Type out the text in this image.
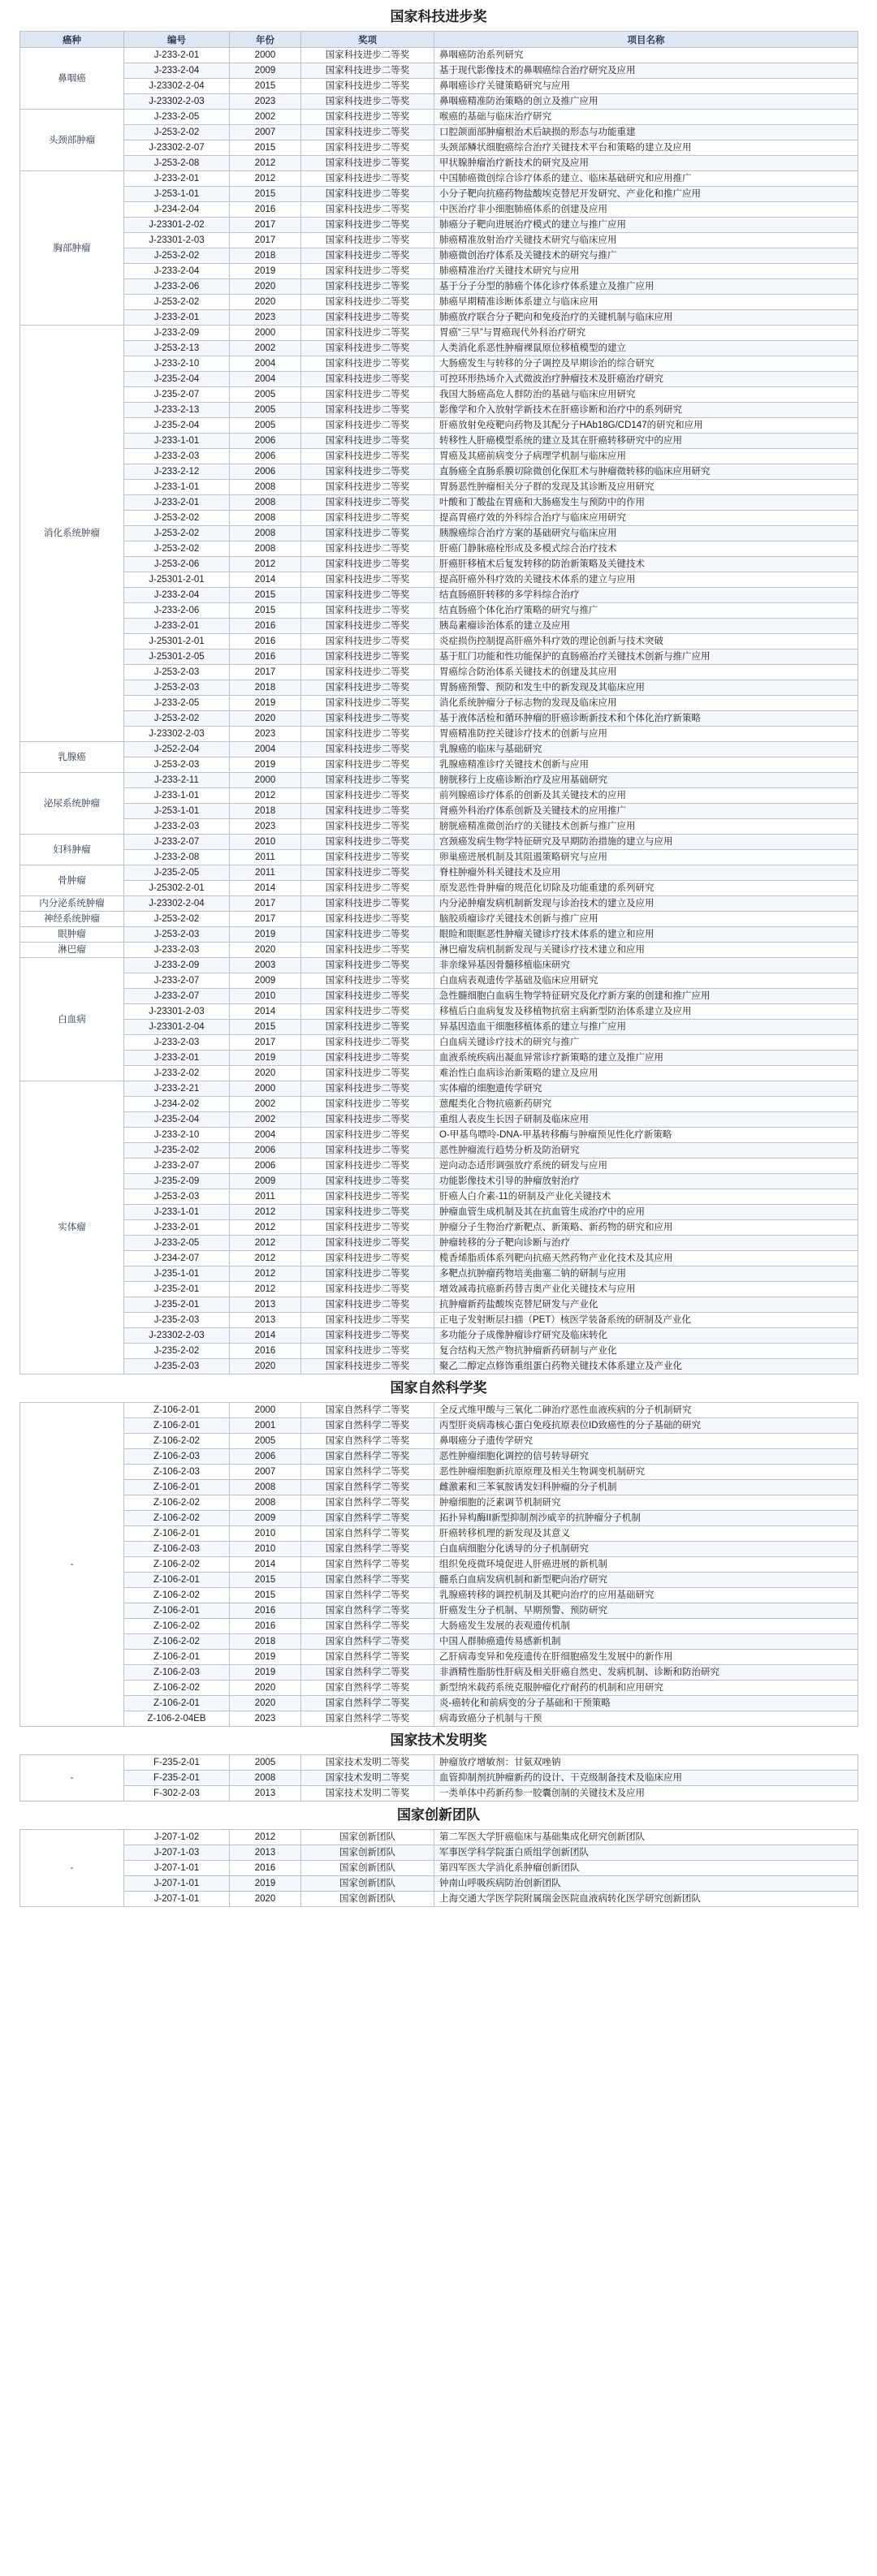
国家科技进步奖
癌种	编号	年份	奖项	项目名称
鼻咽癌	J-233-2-01	2000	国家科技进步二等奖	鼻咽癌防治系列研究
	J-233-2-04	2009	国家科技进步二等奖	基于现代影像技术的鼻咽癌综合治疗研究及应用
	J-23302-2-04	2015	国家科技进步二等奖	鼻咽癌诊疗关键策略研究与应用
	J-23302-2-03	2023	国家科技进步二等奖	鼻咽癌精准防治策略的创立及推广应用
头颈部肿瘤	J-233-2-05	2002	国家科技进步二等奖	喉癌的基础与临床治疗研究
	J-253-2-02	2007	国家科技进步二等奖	口腔颌面部肿瘤根治术后缺损的形态与功能重建
	J-23302-2-07	2015	国家科技进步二等奖	头颈部鳞状细胞癌综合治疗关键技术平台和策略的建立及应用
	J-253-2-08	2012	国家科技进步二等奖	甲状腺肿瘤治疗新技术的研究及应用
胸部肿瘤	J-233-2-01	2012	国家科技进步二等奖	中国肺癌微创综合诊疗体系的建立、临床基础研究和应用推广
	J-253-1-01	2015	国家科技进步二等奖	小分子靶向抗癌药物盐酸埃克替尼开发研究、产业化和推广应用
	J-234-2-04	2016	国家科技进步二等奖	中医治疗非小细胞肺癌体系的创建及应用
	J-23301-2-02	2017	国家科技进步二等奖	肺癌分子靶向进展治疗模式的建立与推广应用
	J-23301-2-03	2017	国家科技进步二等奖	肺癌精准放射治疗关键技术研究与临床应用
	J-253-2-02	2018	国家科技进步二等奖	肺癌微创治疗体系及关键技术的研究与推广
	J-233-2-04	2019	国家科技进步二等奖	肺癌精准治疗关键技术研究与应用
	J-233-2-06	2020	国家科技进步二等奖	基于分子分型的肺癌个体化诊疗体系建立及推广应用
	J-253-2-02	2020	国家科技进步二等奖	肺癌早期精准诊断体系建立与临床应用
	J-233-2-01	2023	国家科技进步二等奖	肺癌放疗联合分子靶向和免疫治疗的关键机制与临床应用
消化系统肿瘤	J-233-2-09	2000	国家科技进步二等奖	胃癌“三早”与胃癌现代外科治疗研究
	J-253-2-13	2002	国家科技进步二等奖	人类消化系恶性肿瘤裸鼠原位移植模型的建立
	J-233-2-10	2004	国家科技进步二等奖	大肠癌发生与转移的分子调控及早期诊治的综合研究
	J-235-2-04	2004	国家科技进步二等奖	可控环形热场介入式微波治疗肿瘤技术及肝癌治疗研究
	J-235-2-07	2005	国家科技进步二等奖	我国大肠癌高危人群防治的基础与临床应用研究
	J-233-2-13	2005	国家科技进步二等奖	影像学和介入放射学新技术在肝癌诊断和治疗中的系列研究
	J-235-2-04	2005	国家科技进步二等奖	肝癌放射免疫靶向药物及其配分子HAb18G/CD147的研究和应用
	J-233-1-01	2006	国家科技进步二等奖	转移性人肝癌模型系统的建立及其在肝癌转移研究中的应用
	J-233-2-03	2006	国家科技进步二等奖	胃癌及其癌前病变分子病理学机制与临床应用
	J-233-2-12	2006	国家科技进步二等奖	直肠癌全直肠系膜切除微创化保肛术与肿瘤微转移的临床应用研究
	J-233-1-01	2008	国家科技进步二等奖	胃肠恶性肿瘤相关分子群的发现及其诊断及应用研究
	J-233-2-01	2008	国家科技进步二等奖	叶酸和丁酸盐在胃癌和大肠癌发生与预防中的作用
	J-253-2-02	2008	国家科技进步二等奖	提高胃癌疗效的外科综合治疗与临床应用研究
	J-253-2-02	2008	国家科技进步二等奖	胰腺癌综合治疗方案的基础研究与临床应用
	J-253-2-02	2008	国家科技进步二等奖	肝癌门静脉癌栓形成及多模式综合治疗技术
	J-253-2-06	2012	国家科技进步二等奖	肝癌肝移植术后复发转移的防治新策略及关键技术
	J-25301-2-01	2014	国家科技进步二等奖	提高肝癌外科疗效的关键技术体系的建立与应用
	J-233-2-04	2015	国家科技进步二等奖	结直肠癌肝转移的多学科综合治疗
	J-233-2-06	2015	国家科技进步二等奖	结直肠癌个体化治疗策略的研究与推广
	J-233-2-01	2016	国家科技进步二等奖	胰岛素瘤诊治体系的建立及应用
	J-25301-2-01	2016	国家科技进步二等奖	炎症损伤控制提高肝癌外科疗效的理论创新与技术突破
	J-25301-2-05	2016	国家科技进步二等奖	基于肛门功能和性功能保护的直肠癌治疗关键技术创新与推广应用
	J-253-2-03	2017	国家科技进步二等奖	胃癌综合防治体系关键技术的创建及其应用
	J-253-2-03	2018	国家科技进步二等奖	胃肠癌预警、预防和发生中的新发现及其临床应用
	J-233-2-05	2019	国家科技进步二等奖	消化系统肿瘤分子标志物的发现及临床应用
	J-253-2-02	2020	国家科技进步二等奖	基于液体活检和循环肿瘤的肝癌诊断新技术和个体化治疗新策略
	J-23302-2-03	2023	国家科技进步二等奖	胃癌精准防控关键诊疗技术的创新与应用
乳腺癌	J-252-2-04	2004	国家科技进步二等奖	乳腺癌的临床与基础研究
	J-253-2-03	2019	国家科技进步二等奖	乳腺癌精准诊疗关键技术创新与应用
泌尿系统肿瘤	J-233-2-11	2000	国家科技进步二等奖	膀胱移行上皮癌诊断治疗及应用基础研究
	J-233-1-01	2012	国家科技进步二等奖	前列腺癌诊疗体系的创新及其关键技术的应用
	J-253-1-01	2018	国家科技进步二等奖	肾癌外科治疗体系创新及关键技术的应用推广
	J-233-2-03	2023	国家科技进步二等奖	膀胱癌精准微创治疗的关键技术创新与推广应用
妇科肿瘤	J-233-2-07	2010	国家科技进步二等奖	宫颈癌发病生物学特征研究及早期防治措施的建立与应用
	J-233-2-08	2011	国家科技进步二等奖	卵巢癌进展机制及其阻遏策略研究与应用
骨肿瘤	J-235-2-05	2011	国家科技进步二等奖	脊柱肿瘤外科关键技术及应用
	J-25302-2-01	2014	国家科技进步二等奖	原发恶性骨肿瘤的规范化切除及功能重建的系列研究
内分泌系统肿瘤	J-23302-2-04	2017	国家科技进步二等奖	内分泌肿瘤发病机制新发现与诊治技术的建立及应用
神经系统肿瘤	J-253-2-02	2017	国家科技进步二等奖	脑胶质瘤诊疗关键技术创新与推广应用
眼肿瘤	J-253-2-03	2019	国家科技进步二等奖	眼睑和眼眶恶性肿瘤关键诊疗技术体系的建立和应用
淋巴瘤	J-233-2-03	2020	国家科技进步二等奖	淋巴瘤发病机制新发现与关键诊疗技术建立和应用
白血病	J-233-2-09	2003	国家科技进步二等奖	非亲缘异基因骨髓移植临床研究
	J-233-2-07	2009	国家科技进步二等奖	白血病表观遗传学基础及临床应用研究
	J-233-2-07	2010	国家科技进步二等奖	急性髓细胞白血病生物学特征研究及化疗新方案的创建和推广应用
	J-23301-2-03	2014	国家科技进步二等奖	移植后白血病复发及移植物抗宿主病新型防治体系建立及应用
	J-23301-2-04	2015	国家科技进步二等奖	异基因造血干细胞移植体系的建立与推广应用
	J-233-2-03	2017	国家科技进步二等奖	白血病关键诊疗技术的研究与推广
	J-233-2-01	2019	国家科技进步二等奖	血液系统疾病出凝血异常诊疗新策略的建立及推广应用
	J-233-2-02	2020	国家科技进步二等奖	难治性白血病诊治新策略的建立及应用
实体瘤	J-233-2-21	2000	国家科技进步二等奖	实体瘤的细胞遗传学研究
	J-234-2-02	2002	国家科技进步二等奖	蒽醌类化合物抗癌新药研究
	J-235-2-04	2002	国家科技进步二等奖	重组人表皮生长因子研制及临床应用
	J-233-2-10	2004	国家科技进步二等奖	O-甲基鸟嘌呤-DNA-甲基转移酶与肿瘤预见性化疗新策略
	J-235-2-02	2006	国家科技进步二等奖	恶性肿瘤流行趋势分析及防治研究
	J-233-2-07	2006	国家科技进步二等奖	逆向动态适形调强放疗系统的研发与应用
	J-235-2-09	2009	国家科技进步二等奖	功能影像技术引导的肿瘤放射治疗
	J-253-2-03	2011	国家科技进步二等奖	肝癌人白介素-11的研制及产业化关键技术
	J-233-1-01	2012	国家科技进步二等奖	肿瘤血管生成机制及其在抗血管生成治疗中的应用
	J-233-2-01	2012	国家科技进步二等奖	肿瘤分子生物治疗新靶点、新策略、新药物的研究和应用
	J-233-2-05	2012	国家科技进步二等奖	肿瘤转移的分子靶向诊断与治疗
	J-234-2-07	2012	国家科技进步二等奖	榄香烯脂质体系列靶向抗癌天然药物产业化技术及其应用
	J-235-1-01	2012	国家科技进步二等奖	多靶点抗肿瘤药物培美曲塞二钠的研制与应用
	J-235-2-01	2012	国家科技进步二等奖	增效减毒抗癌新药替吉奥产业化关键技术与应用
	J-235-2-01	2013	国家科技进步二等奖	抗肿瘤新药盐酸埃克替尼研发与产业化
	J-235-2-03	2013	国家科技进步二等奖	正电子发射断层扫描（PET）核医学装备系统的研制及产业化
	J-23302-2-03	2014	国家科技进步二等奖	多功能分子成像肿瘤诊疗研究及临床转化
	J-235-2-02	2016	国家科技进步二等奖	复合结构天然产物抗肿瘤新药研制与产业化
	J-235-2-03	2020	国家科技进步二等奖	聚乙二醇定点修饰重组蛋白药物关键技术体系建立及产业化
国家自然科学奖
-	Z-106-2-01	2000	国家自然科学二等奖	全反式维甲酸与三氧化二砷治疗恶性血液疾病的分子机制研究
	Z-106-2-01	2001	国家自然科学二等奖	丙型肝炎病毒核心蛋白免疫抗原表位ID致癌性的分子基础的研究
	Z-106-2-02	2005	国家自然科学二等奖	鼻咽癌分子遗传学研究
	Z-106-2-03	2006	国家自然科学二等奖	恶性肿瘤细胞化调控的信号转导研究
	Z-106-2-03	2007	国家自然科学二等奖	恶性肿瘤细胞新抗原原理及相关生物调变机制研究
	Z-106-2-01	2008	国家自然科学二等奖	雌激素和三苯氧胺诱发妇科肿瘤的分子机制
	Z-106-2-02	2008	国家自然科学二等奖	肿瘤细胞的泛素调节机制研究
	Z-106-2-02	2009	国家自然科学二等奖	拓扑异构酶II新型抑制剂沙威辛的抗肿瘤分子机制
	Z-106-2-01	2010	国家自然科学二等奖	肝癌转移机理的新发现及其意义
	Z-106-2-03	2010	国家自然科学二等奖	白血病细胞分化诱导的分子机制研究
	Z-106-2-02	2014	国家自然科学二等奖	组织免疫微环境促进人肝癌进展的新机制
	Z-106-2-01	2015	国家自然科学二等奖	髓系白血病发病机制和新型靶向治疗研究
	Z-106-2-02	2015	国家自然科学二等奖	乳腺癌转移的调控机制及其靶向治疗的应用基础研究
	Z-106-2-01	2016	国家自然科学二等奖	肝癌发生分子机制、早期预警、预防研究
	Z-106-2-02	2016	国家自然科学二等奖	大肠癌发生发展的表观遗传机制
	Z-106-2-02	2018	国家自然科学二等奖	中国人群肺癌遗传易感新机制
	Z-106-2-01	2019	国家自然科学二等奖	乙肝病毒变异和免疫遗传在肝细胞癌发生发展中的新作用
	Z-106-2-03	2019	国家自然科学二等奖	非酒精性脂肪性肝病及相关肝癌自然史、发病机制、诊断和防治研究
	Z-106-2-02	2020	国家自然科学二等奖	新型纳米载药系统克服肿瘤化疗耐药的机制和应用研究
	Z-106-2-01	2020	国家自然科学二等奖	炎-癌转化和前病变的分子基础和干预策略
	Z-106-2-04EB	2023	国家自然科学二等奖	病毒致癌分子机制与干预
国家技术发明奖
-	F-235-2-01	2005	国家技术发明二等奖	肿瘤放疗增敏剂：甘氨双唑钠
	F-235-2-01	2008	国家技术发明二等奖	血管抑制剂抗肿瘤新药的设计、干克级制备技术及临床应用
	F-302-2-03	2013	国家技术发明二等奖	一类单体中药新药参一胶囊创制的关键技术及应用
国家创新团队
-	J-207-1-02	2012	国家创新团队	第二军医大学肝癌临床与基础集成化研究创新团队
	J-207-1-03	2013	国家创新团队	军事医学科学院蛋白质组学创新团队
	J-207-1-01	2016	国家创新团队	第四军医大学消化系肿瘤创新团队
	J-207-1-01	2019	国家创新团队	钟南山呼吸疾病防治创新团队
	J-207-1-01	2020	国家创新团队	上海交通大学医学院附属瑞金医院血液病转化医学研究创新团队
